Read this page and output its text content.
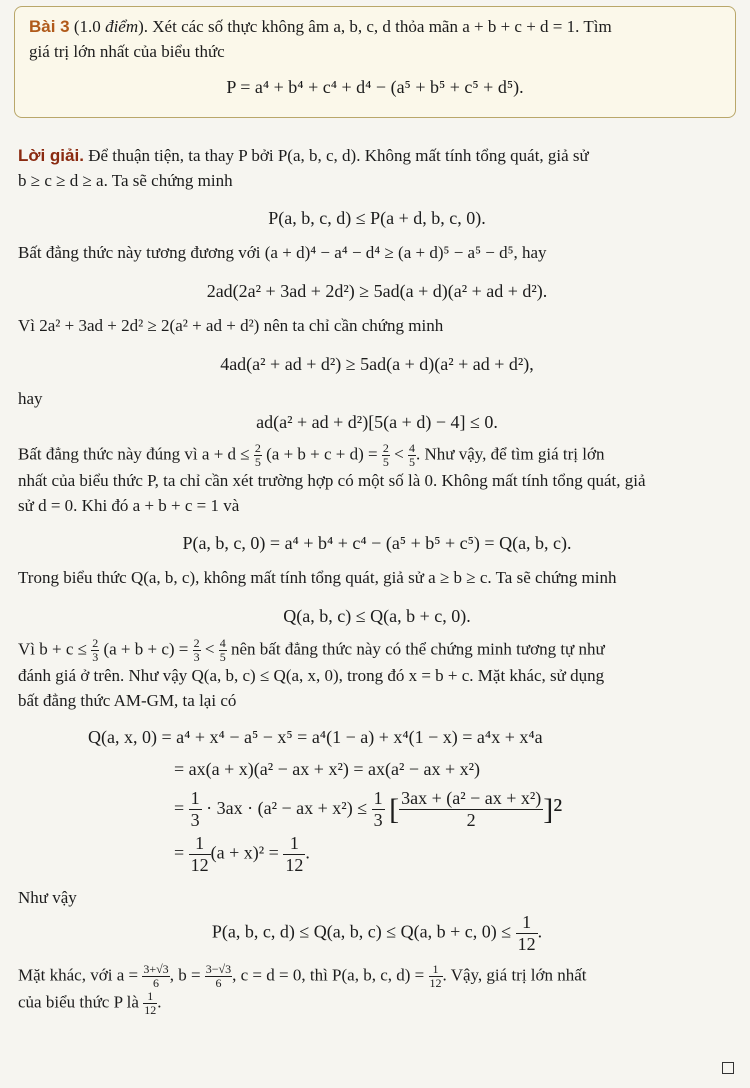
Bài 3 (1.0 điểm). Xét các số thực không âm a, b, c, d thỏa mãn a + b + c + d = 1. Tìm
giá trị lớn nhất của biểu thức
P = a⁴ + b⁴ + c⁴ + d⁴ − (a⁵ + b⁵ + c⁵ + d⁵).

Lời giải. Để thuận tiện, ta thay P bởi P(a, b, c, d). Không mất tính tổng quát, giả sử

b ≥ c ≥ d ≥ a. Ta sẽ chứng minh

P(a, b, c, d) ≤ P(a + d, b, c, 0).

Bất đẳng thức này tương đương với (a + d)⁴ − a⁴ − d⁴ ≥ (a + d)⁵ − a⁵ − d⁵, hay

2ad(2a² + 3ad + 2d²) ≥ 5ad(a + d)(a² + ad + d²).

Vì 2a² + 3ad + 2d² ≥ 2(a² + ad + d²) nên ta chỉ cần chứng minh

4ad(a² + ad + d²) ≥ 5ad(a + d)(a² + ad + d²),

hay

ad(a² + ad + d²)[5(a + d) − 4] ≤ 0.

Bất đẳng thức này đúng vì $a + d \le \frac{2}{5} (a + b + c + d) = \frac{2}{5} < \frac{4}{5}$ . Như vậy, để tìm giá trị lớn

nhất của biểu thức P, ta chỉ cần xét trường hợp có một số là 0. Không mất tính tổng quát, giả

sử d = 0. Khi đó a + b + c = 1 và

P(a, b, c, 0) = a⁴ + b⁴ + c⁴ − (a⁵ + b⁵ + c⁵) = Q(a, b, c).

Trong biểu thức Q(a, b, c), không mất tính tổng quát, giả sử a ≥ b ≥ c. Ta sẽ chứng minh

Q(a, b, c) ≤ Q(a, b + c, 0).

Vì $b + c \le \frac{2}{3} (a + b + c) = \frac{2}{3} < \frac{4}{5}$ nên bất đẳng thức này có thể chứng minh tương tự như

đánh giá ở trên. Như vậy Q(a, b, c) ≤ Q(a, x, 0), trong đó x = b + c. Mặt khác, sử dụng

bất đẳng thức AM-GM, ta lại có

Q(a, x, 0) = a⁴ + x⁴ − a⁵ − x⁵ = a⁴(1 − a) + x⁴(1 − x) = a⁴x + x⁴a
= ax(a + x)(a² − ax + x²) = ax(a² − ax + x²)
= $\frac{1}{3} \cdot 3ax \cdot (a^2$ − ax + $x^2) \le \frac{1}{3}$ [ $\frac{\text{3ax + (a² − ax + x²)}}{2} ]^2$
= $\frac{1}{12} (a + x)^2 = \frac{1}{12}$ .

Như vậy

P(a, b, c, d) ≤ Q(a, b, c) ≤ Q(a, b + c, $0) \le \frac{1}{12}$ .

Mặt khác, với $a = \frac{3+√3}{6}$ , $b = \frac{3-√3}{6}$ , c = d = 0, thì P(a, b, c, $d) = \frac{1}{12}$ . Vậy, giá trị lớn nhất

của biểu thức P là $\frac{1}{12}$ .
